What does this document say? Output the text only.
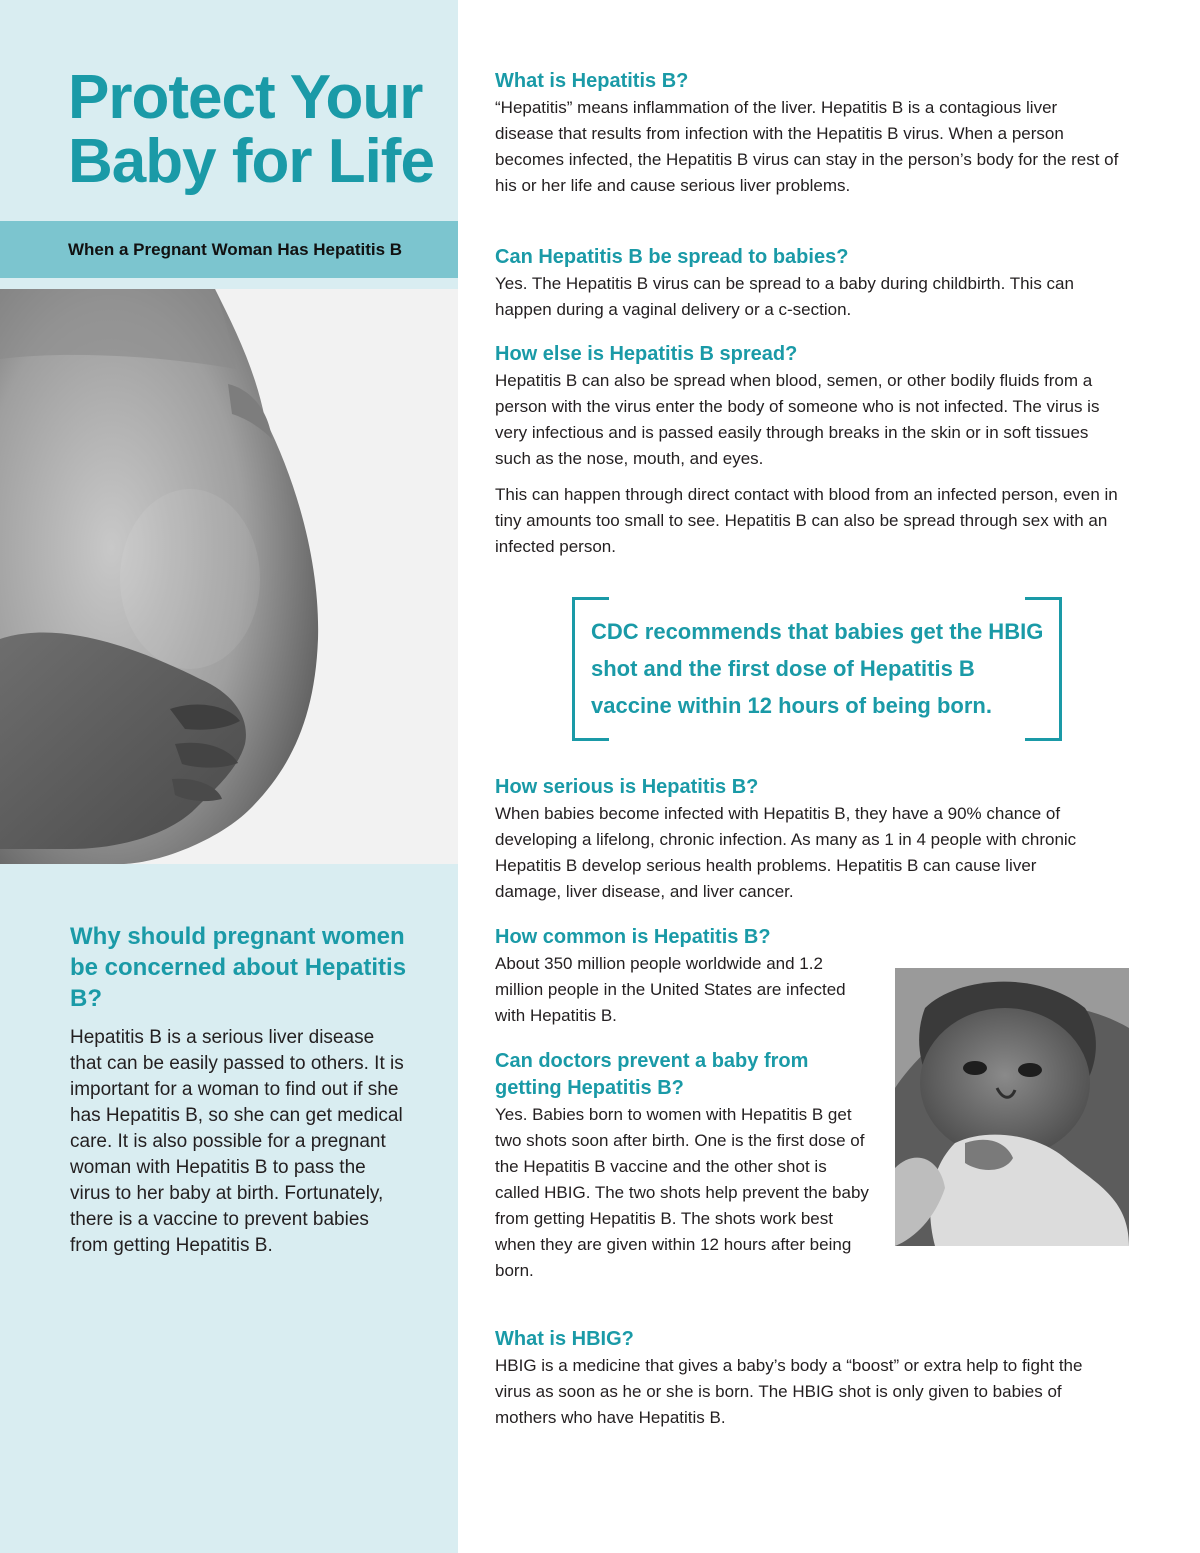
Protect Your
Baby for Life
When a Pregnant Woman Has Hepatitis B
Why should pregnant women be concerned about Hepatitis B?

Hepatitis B is a serious liver disease that can be easily passed to others. It is important for a woman to find out if she has Hepatitis B, so she can get medical care. It is also possible for a pregnant woman with Hepatitis B to pass the virus to her baby at birth. Fortunately, there is a vaccine to prevent babies from getting Hepatitis B.

What is Hepatitis B?

“Hepatitis” means inflammation of the liver. Hepatitis B is a contagious liver disease that results from infection with the Hepatitis B virus. When a person becomes infected, the Hepatitis B virus can stay in the person’s body for the rest of his or her life and cause serious liver problems.

Can Hepatitis B be spread to babies?

Yes. The Hepatitis B virus can be spread to a baby during childbirth. This can happen during a vaginal delivery or a c-section.

How else is Hepatitis B spread?

Hepatitis B can also be spread when blood, semen, or other bodily fluids from a person with the virus enter the body of someone who is not infected. The virus is very infectious and is passed easily through breaks in the skin or in soft tissues such as the nose, mouth, and eyes.

This can happen through direct contact with blood from an infected person, even in tiny amounts too small to see. Hepatitis B can also be spread through sex with an infected person.

CDC recommends that babies get the HBIG shot and the first dose of Hepatitis B vaccine within 12 hours of being born.

How serious is Hepatitis B?

When babies become infected with Hepatitis B, they have a 90% chance of developing a lifelong, chronic infection. As many as 1 in 4 people with chronic Hepatitis B develop serious health problems. Hepatitis B can cause liver damage, liver disease, and liver cancer.

How common is Hepatitis B?

About 350 million people worldwide and 1.2 million people in the United States are infected with Hepatitis B.

Can doctors prevent a baby from getting Hepatitis B?

Yes. Babies born to women with Hepatitis B get two shots soon after birth. One is the first dose of the Hepatitis B vaccine and the other shot is called HBIG. The two shots help prevent the baby from getting Hepatitis B. The shots work best when they are given within 12 hours after being born.

What is HBIG?

HBIG is a medicine that gives a baby’s body a “boost” or extra help to fight the virus as soon as he or she is born. The HBIG shot is only given to babies of mothers who have Hepatitis B.
